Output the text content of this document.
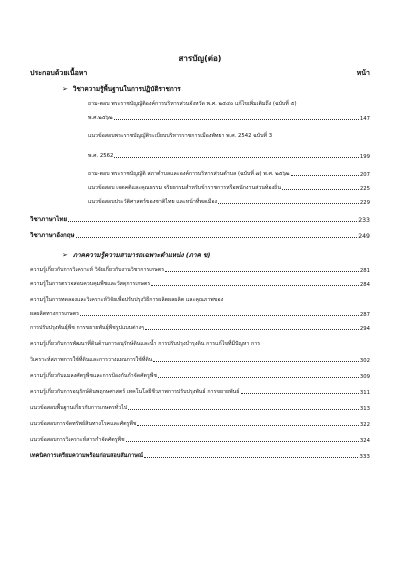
สารบัญ(ต่อ)
ประกอบด้วยเนื้อหา	หน้า
➢ วิชาความรู้พื้นฐานในการปฏิบัติราชการ
ถาม-ตอบ พระราชบัญญัติองค์การบริหารส่วนจังหวัด พ.ศ. ๒๕๔๐ แก้ไขเพิ่มเติมถึง (ฉบับที่ ๕)
พ.ศ.๒๕๖๒	147
แนวข้อสอบพระราชบัญญัติระเบียบบริหารราชการเมืองพัทยา พ.ศ. 2542 ฉบับที่ 3
พ.ศ. 2562	199
ถาม-ตอบ พระราชบัญญัติ สภาตำบลและองค์การบริหารส่วนตำบล (ฉบับที่ ๗) พ.ศ. ๒๕๖๒	207
แนวข้อสอบ เจตคติและคุณธรรม จริยธรรมสำหรับข้าราชการหรือพนักงานส่วนท้องถิ่น	225
แนวข้อสอบประวัติศาสตร์ของชาติไทย และหน้าที่พลเมือง	229
วิชาภาษาไทย	233
วิชาภาษาอังกฤษ	249
➢ ภาคความรู้ความสามารถเฉพาะตำแหน่ง (ภาค ข)
ความรู้เกี่ยวกับการวิเคราะห์ วิจัยเกี่ยวกับงานวิชาการเกษตร	281
ความรู้ในการตรวจสอบควบคุมพืชและวัสดุการเกษตร	284
ความรู้ในการทดลองและวิเคราะห์วิจัยเพื่อปรับปรุงวิธีการผลิตผลผลิต และคุณภาพของ
ผลผลิตทางการเกษตร	287
การปรับปรุงพันธุ์พืช การขยายพันธุ์พืชรูปแบบต่างๆ	294
ความรู้เกี่ยวกับการพัฒนาที่ดินด้านการอนุรักษ์ดินและน้ำ การปรับปรุงบำรุงดิน การแก้ไขที่มีปัญหา การ
วิเคราะห์สภาพการใช้ที่ดินและการวางแผนการใช้ที่ดิน	302
ความรู้เกี่ยวกับแมลงศัตรูพืชและการป้องกันกำจัดศัตรูพืช	309
ความรู้เกี่ยวกับการอนุรักษ์ดินพฤกษศาสตร์ เทคโนโลยีชีวภาพการปรับปรุงพันธ์ การขยายพันธ์	311
แนวข้อสอบพื้นฐานเกี่ยวกับการเกษตรทั่วไป	313
แนวข้อสอบการจัดทรัพย์สินทางโรคและศัตรูพืช	322
แนวข้อสอบการวิเคราะห์สารกำจัดศัตรูพืช	324
เทคนิคการเตรียมความพร้อมก่อนสอบสัมภาษณ์	333
